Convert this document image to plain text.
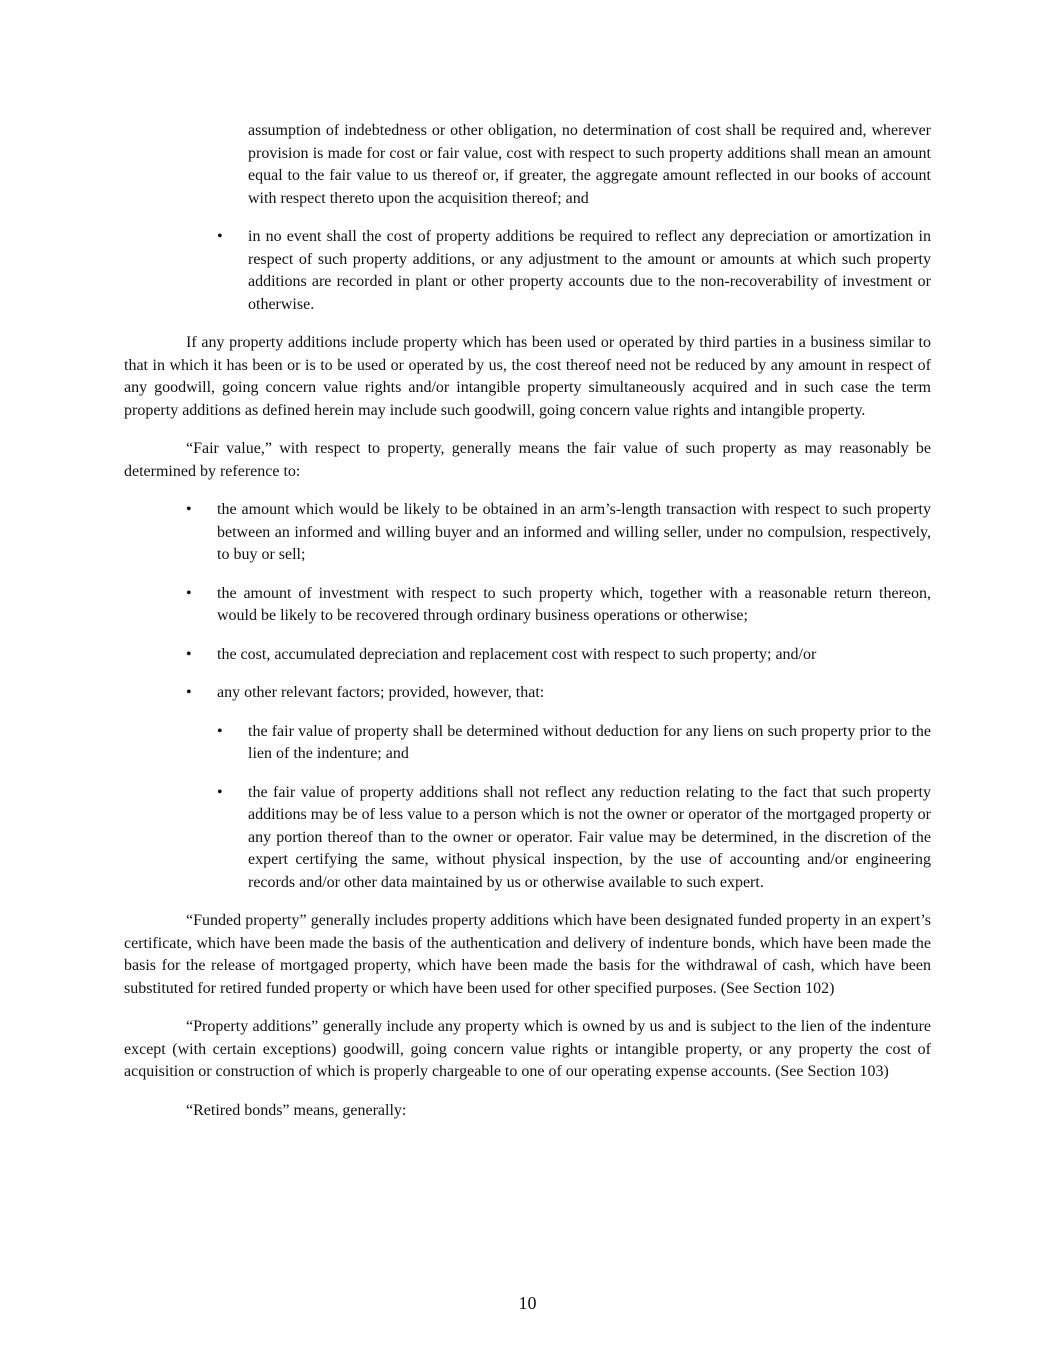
assumption of indebtedness or other obligation, no determination of cost shall be required and, wherever provision is made for cost or fair value, cost with respect to such property additions shall mean an amount equal to the fair value to us thereof or, if greater, the aggregate amount reflected in our books of account with respect thereto upon the acquisition thereof; and

•	in no event shall the cost of property additions be required to reflect any depreciation or amortization in respect of such property additions, or any adjustment to the amount or amounts at which such property additions are recorded in plant or other property accounts due to the non-recoverability of investment or otherwise.

If any property additions include property which has been used or operated by third parties in a business similar to that in which it has been or is to be used or operated by us, the cost thereof need not be reduced by any amount in respect of any goodwill, going concern value rights and/or intangible property simultaneously acquired and in such case the term property additions as defined herein may include such goodwill, going concern value rights and intangible property.

“Fair value,” with respect to property, generally means the fair value of such property as may reasonably be determined by reference to:

•	the amount which would be likely to be obtained in an arm’s-length transaction with respect to such property between an informed and willing buyer and an informed and willing seller, under no compulsion, respectively, to buy or sell;

•	the amount of investment with respect to such property which, together with a reasonable return thereon, would be likely to be recovered through ordinary business operations or otherwise;

•	the cost, accumulated depreciation and replacement cost with respect to such property; and/or

•	any other relevant factors; provided, however, that:

•	the fair value of property shall be determined without deduction for any liens on such property prior to the lien of the indenture; and

•	the fair value of property additions shall not reflect any reduction relating to the fact that such property additions may be of less value to a person which is not the owner or operator of the mortgaged property or any portion thereof than to the owner or operator. Fair value may be determined, in the discretion of the expert certifying the same, without physical inspection, by the use of accounting and/or engineering records and/or other data maintained by us or otherwise available to such expert.

“Funded property” generally includes property additions which have been designated funded property in an expert’s certificate, which have been made the basis of the authentication and delivery of indenture bonds, which have been made the basis for the release of mortgaged property, which have been made the basis for the withdrawal of cash, which have been substituted for retired funded property or which have been used for other specified purposes. (See Section 102)

“Property additions” generally include any property which is owned by us and is subject to the lien of the indenture except (with certain exceptions) goodwill, going concern value rights or intangible property, or any property the cost of acquisition or construction of which is properly chargeable to one of our operating expense accounts. (See Section 103)

“Retired bonds” means, generally:

10
